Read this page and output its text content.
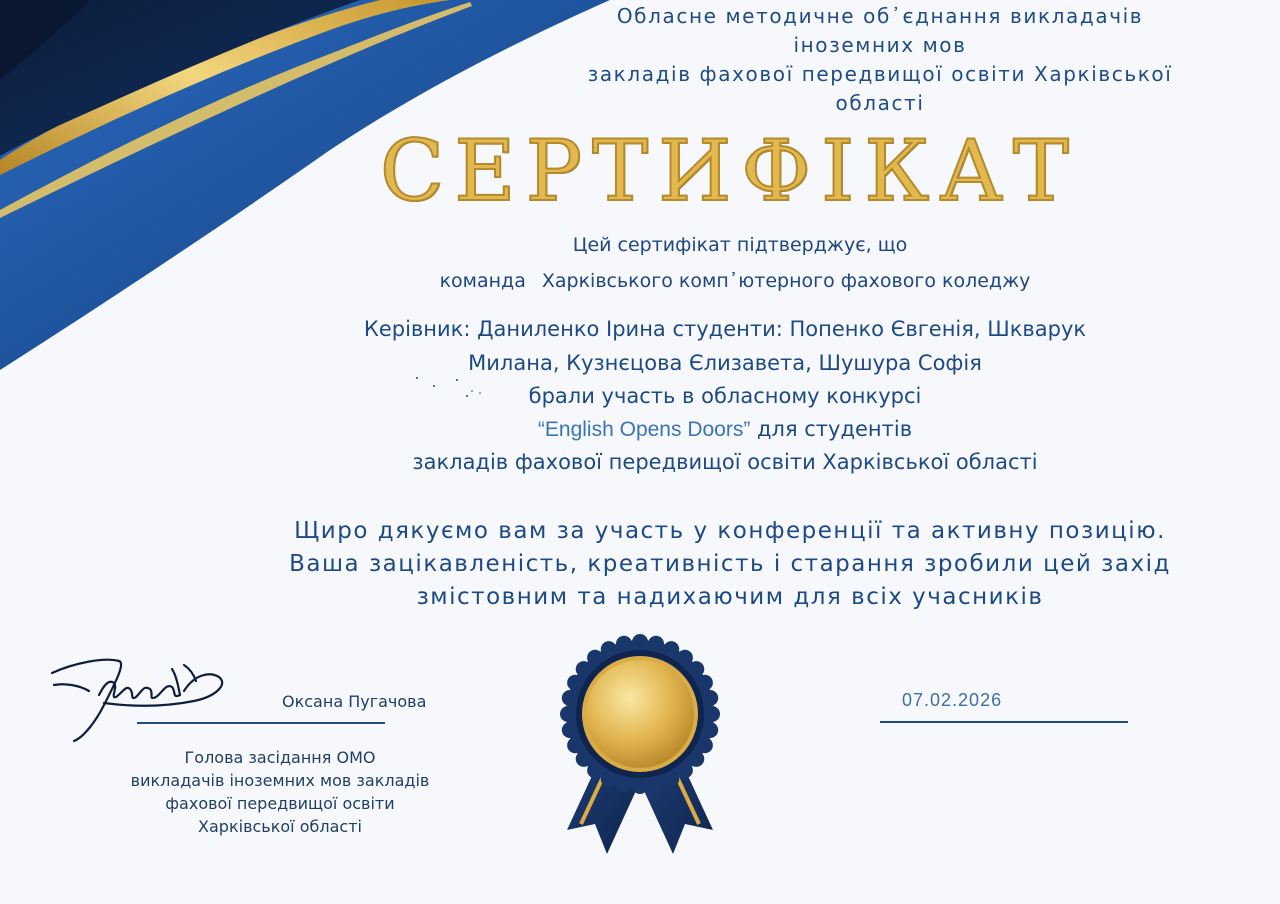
Обласне методичне об᾽єднання викладачів

іноземних мов

закладів фахової передвищої освіти Харківської

області

СЕРТИФІКАТ

Цей сертифікат підтверджує, що

команда Харківського комп᾽ютерного фахового коледжу

Керівник: Даниленко Ірина студенти: Попенко Євгенія, Шкварук

Милана, Кузнєцова Єлизавета, Шушура Софія

брали участь в обласному конкурсі

“English Opens Doors” для студентів

закладів фахової передвищої освіти Харківської області

Щиро дякуємо вам за участь у конференції та активну позицію.

Ваша зацікавленість, креативність і старання зробили цей захід

змістовним та надихаючим для всіх учасників

Оксана Пугачова

Голова засідання ОМО

викладачів іноземних мов закладів

фахової передвищої освіти

Харківської області

07.02.2026
